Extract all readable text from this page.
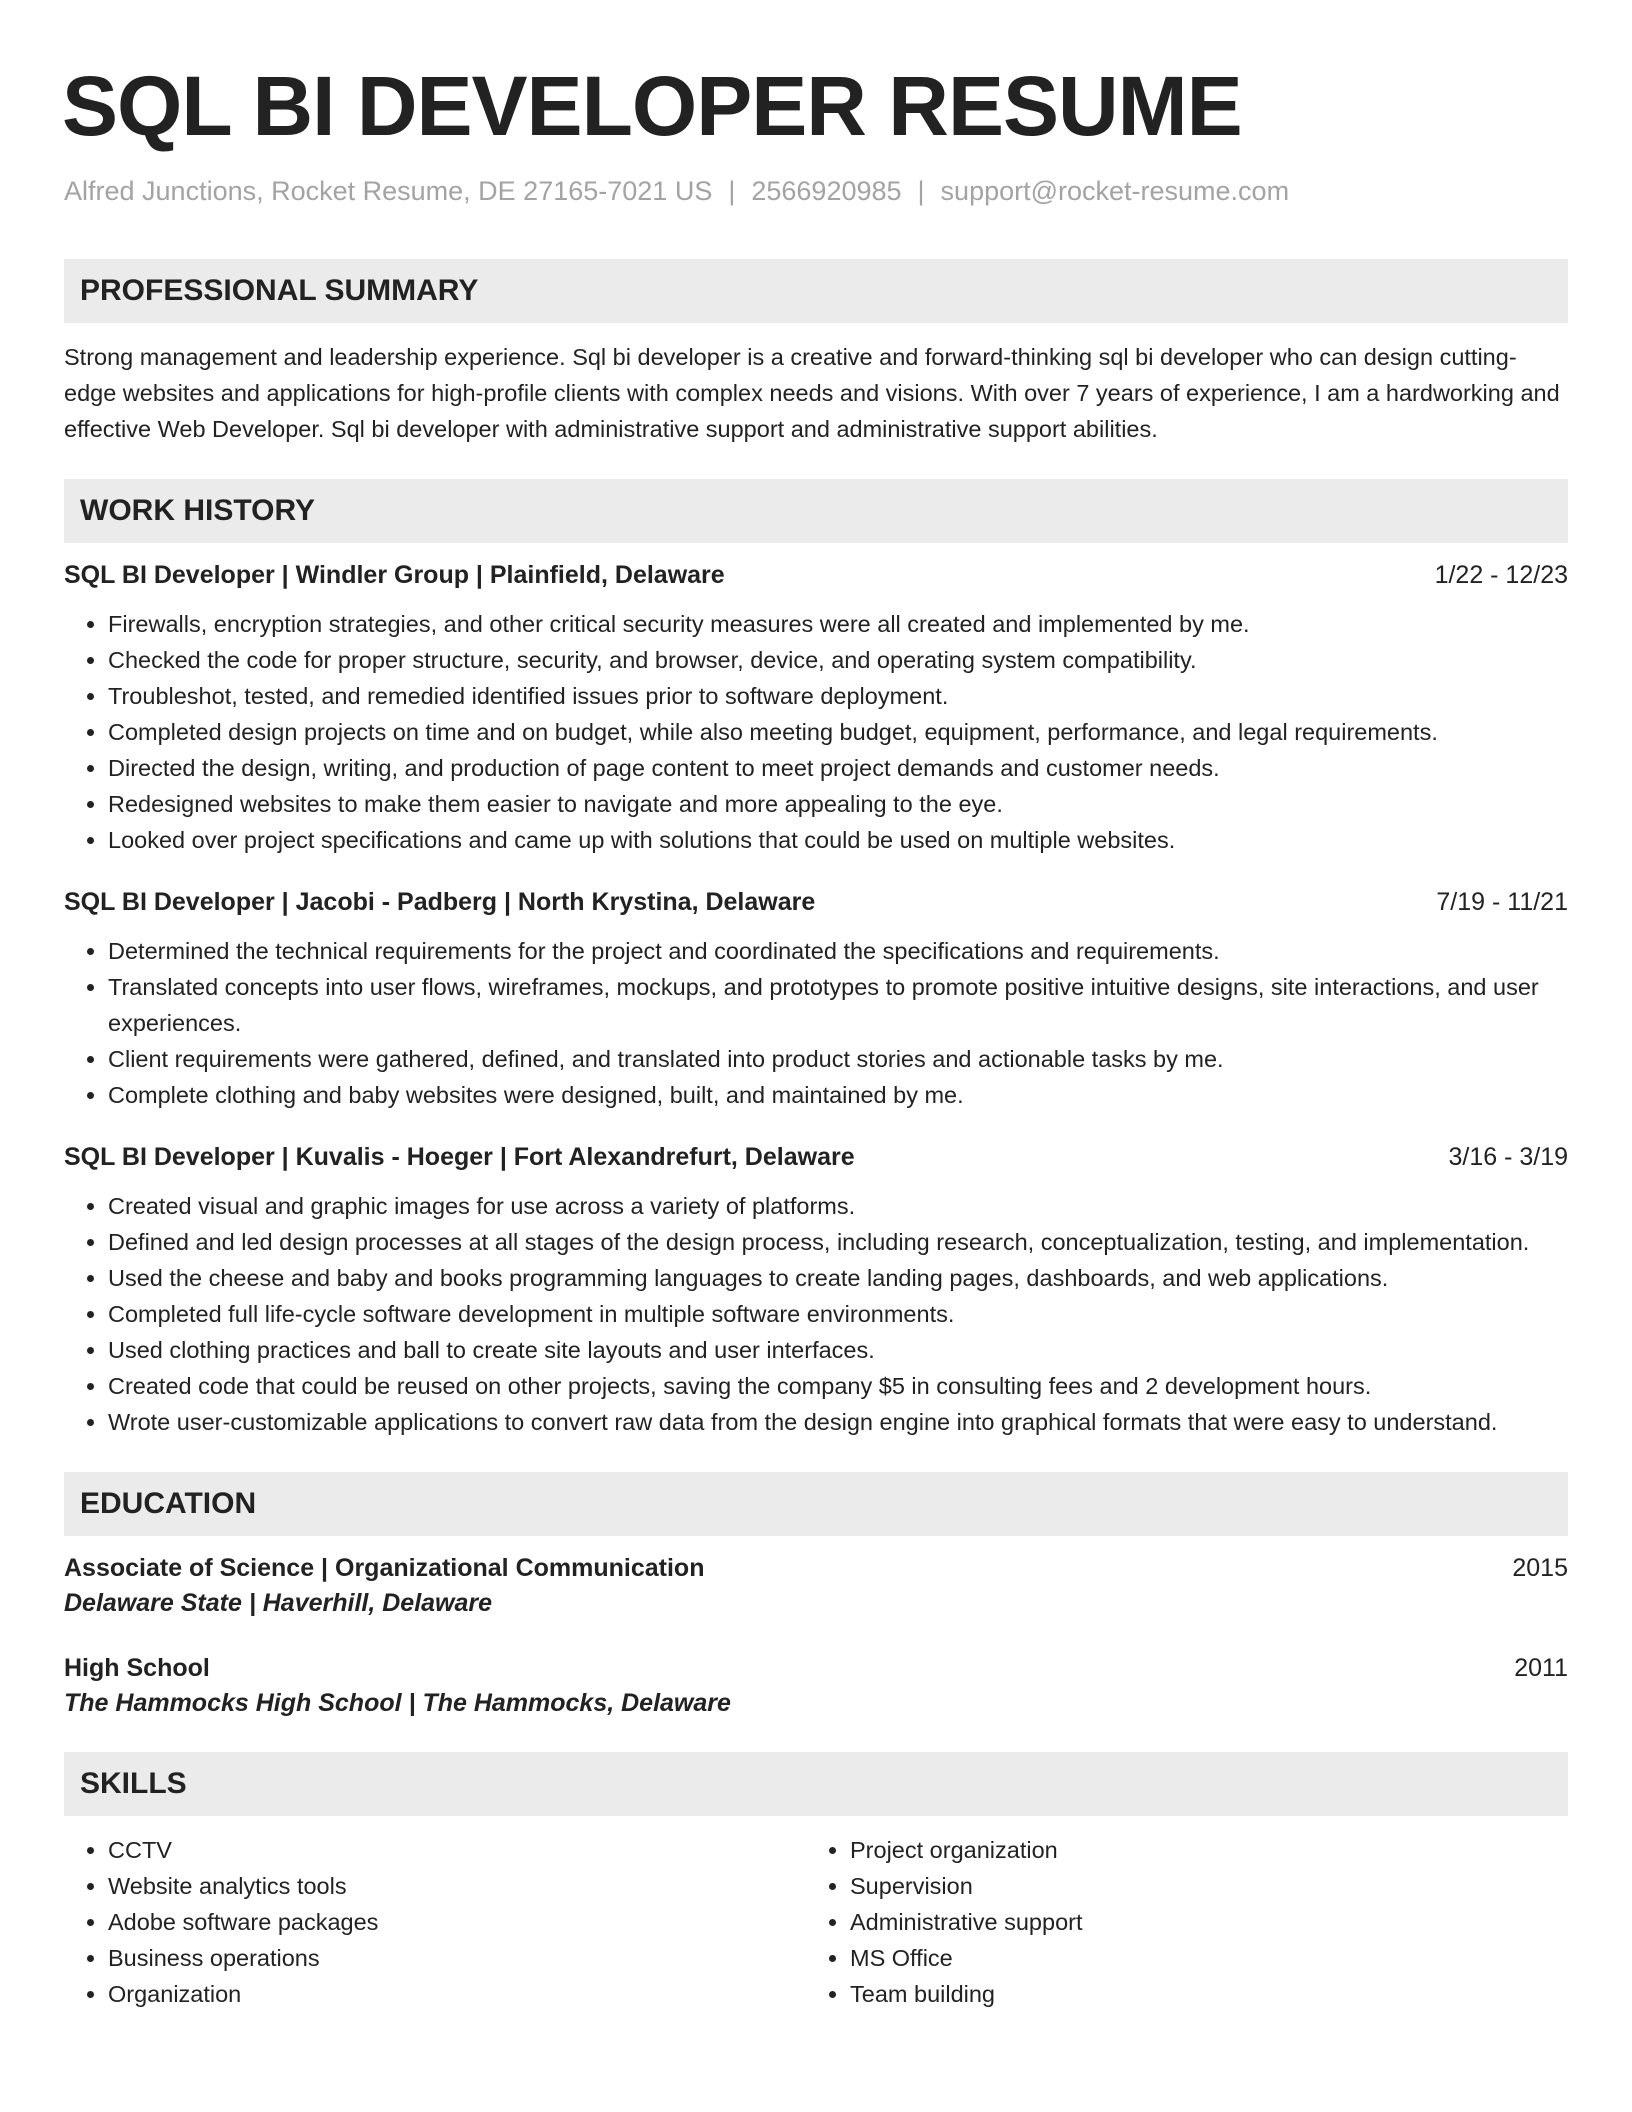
SQL BI DEVELOPER RESUME
Alfred Junctions, Rocket Resume, DE 27165-7021 US | 2566920985 | support@rocket-resume.com
PROFESSIONAL SUMMARY

Strong management and leadership experience. Sql bi developer is a creative and forward-thinking sql bi developer who can design cutting-edge websites and applications for high-profile clients with complex needs and visions. With over 7 years of experience, I am a hardworking and effective Web Developer. Sql bi developer with administrative support and administrative support abilities.

WORK HISTORY
SQL BI Developer | Windler Group | Plainfield, Delaware	1/22 - 12/23
• Firewalls, encryption strategies, and other critical security measures were all created and implemented by me.
• Checked the code for proper structure, security, and browser, device, and operating system compatibility.
• Troubleshot, tested, and remedied identified issues prior to software deployment.
• Completed design projects on time and on budget, while also meeting budget, equipment, performance, and legal requirements.
• Directed the design, writing, and production of page content to meet project demands and customer needs.
• Redesigned websites to make them easier to navigate and more appealing to the eye.
• Looked over project specifications and came up with solutions that could be used on multiple websites.
SQL BI Developer | Jacobi - Padberg | North Krystina, Delaware	7/19 - 11/21
• Determined the technical requirements for the project and coordinated the specifications and requirements.
• Translated concepts into user flows, wireframes, mockups, and prototypes to promote positive intuitive designs, site interactions, and user experiences.
• Client requirements were gathered, defined, and translated into product stories and actionable tasks by me.
• Complete clothing and baby websites were designed, built, and maintained by me.
SQL BI Developer | Kuvalis - Hoeger | Fort Alexandrefurt, Delaware	3/16 - 3/19
• Created visual and graphic images for use across a variety of platforms.
• Defined and led design processes at all stages of the design process, including research, conceptualization, testing, and implementation.
• Used the cheese and baby and books programming languages to create landing pages, dashboards, and web applications.
• Completed full life-cycle software development in multiple software environments.
• Used clothing practices and ball to create site layouts and user interfaces.
• Created code that could be reused on other projects, saving the company $5 in consulting fees and 2 development hours.
• Wrote user-customizable applications to convert raw data from the design engine into graphical formats that were easy to understand.
EDUCATION
Associate of Science | Organizational Communication	2015
Delaware State | Haverhill, Delaware
High School	2011
The Hammocks High School | The Hammocks, Delaware
SKILLS
• CCTV
• Website analytics tools
• Adobe software packages
• Business operations
• Organization
• Project organization
• Supervision
• Administrative support
• MS Office
• Team building
